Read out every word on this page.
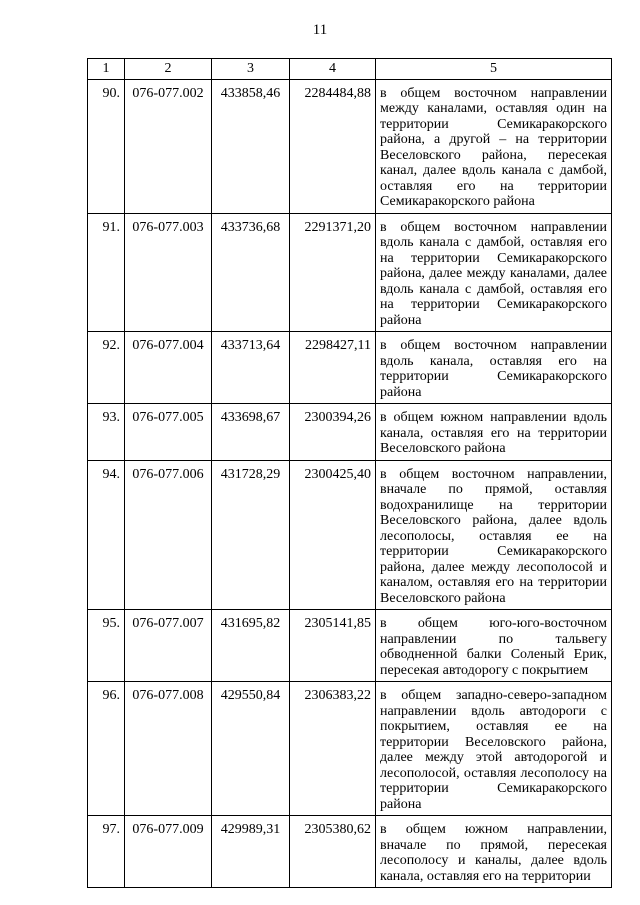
11
1	2	3	4	5
90.	076-077.002	433858,46	2284484,88	в общем восточном направлении между каналами, оставляя один на территории Семикаракорского района, а другой – на территории Веселовского района, пересекая канал, далее вдоль канала с дамбой, оставляя его на территории Семикаракорского района
91.	076-077.003	433736,68	2291371,20	в общем восточном направлении вдоль канала с дамбой, оставляя его на территории Семикаракорского района, далее между каналами, далее вдоль канала с дамбой, оставляя его на территории Семикаракорского района
92.	076-077.004	433713,64	2298427,11	в общем восточном направлении вдоль канала, оставляя его на территории Семикаракорского района
93.	076-077.005	433698,67	2300394,26	в общем южном направлении вдоль канала, оставляя его на территории Веселовского района
94.	076-077.006	431728,29	2300425,40	в общем восточном направлении, вначале по прямой, оставляя водохранилище на территории Веселовского района, далее вдоль лесополосы, оставляя ее на территории Семикаракорского района, далее между лесополосой и каналом, оставляя его на территории Веселовского района
95.	076-077.007	431695,82	2305141,85	в общем юго-юго-восточном направлении по тальвегу обводненной балки Соленый Ерик, пересекая автодорогу с покрытием
96.	076-077.008	429550,84	2306383,22	в общем западно-северо-западном направлении вдоль автодороги с покрытием, оставляя ее на территории Веселовского района, далее между этой автодорогой и лесополосой, оставляя лесополосу на территории Семикаракорского района
97.	076-077.009	429989,31	2305380,62	в общем южном направлении, вначале по прямой, пересекая лесополосу и каналы, далее вдоль канала, оставляя его на территории
